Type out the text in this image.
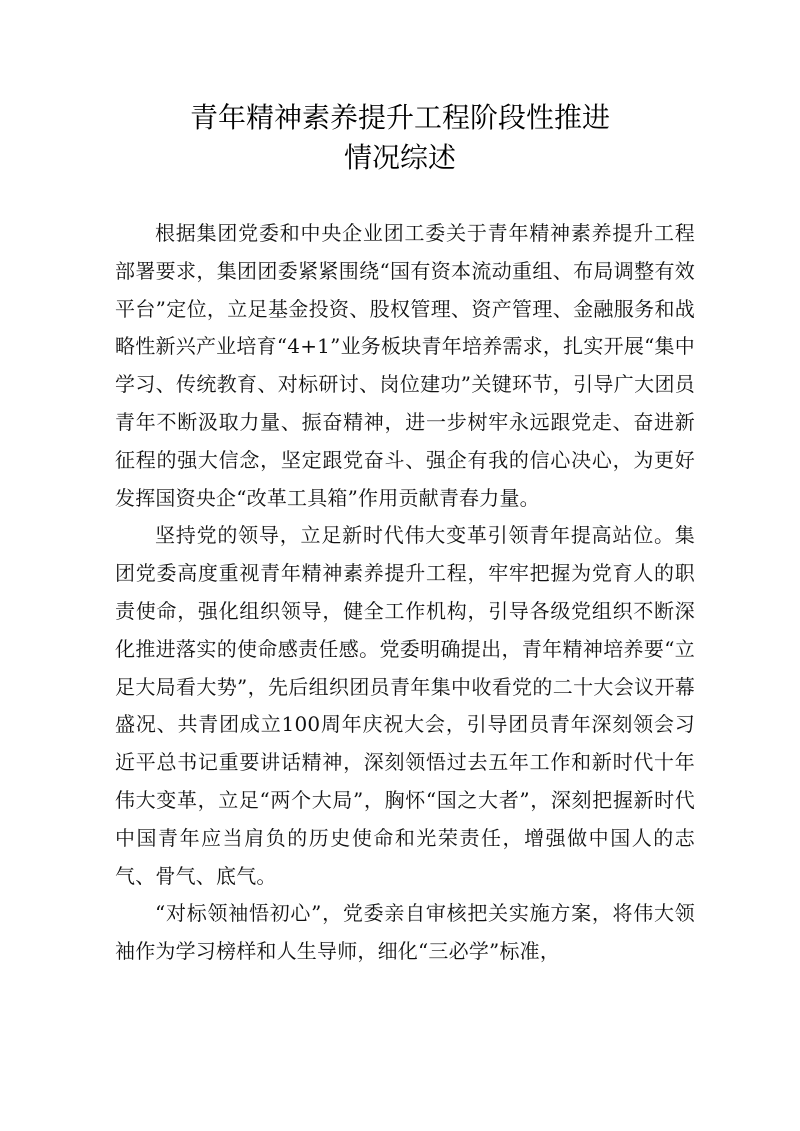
青年精神素养提升工程阶段性推进
情况综述

根据集团党委和中央企业团工委关于青年精神素养提升工程部署要求，集团团委紧紧围绕“国有资本流动重组、布局调整有效平台”定位，立足基金投资、股权管理、资产管理、金融服务和战略性新兴产业培育“4+1”业务板块青年培养需求，扎实开展“集中学习、传统教育、对标研讨、岗位建功”关键环节，引导广大团员青年不断汲取力量、振奋精神，进一步树牢永远跟党走、奋进新征程的强大信念，坚定跟党奋斗、强企有我的信心决心，为更好发挥国资央企“改革工具箱”作用贡献青春力量。

坚持党的领导，立足新时代伟大变革引领青年提高站位。集团党委高度重视青年精神素养提升工程，牢牢把握为党育人的职责使命，强化组织领导，健全工作机构，引导各级党组织不断深化推进落实的使命感责任感。党委明确提出，青年精神培养要“立足大局看大势”，先后组织团员青年集中收看党的二十大会议开幕盛况、共青团成立100周年庆祝大会，引导团员青年深刻领会习近平总书记重要讲话精神，深刻领悟过去五年工作和新时代十年伟大变革，立足“两个大局”，胸怀“国之大者”，深刻把握新时代中国青年应当肩负的历史使命和光荣责任，增强做中国人的志气、骨气、底气。

“对标领袖悟初心”，党委亲自审核把关实施方案，将伟大领袖作为学习榜样和人生导师，细化“三必学”标准，
